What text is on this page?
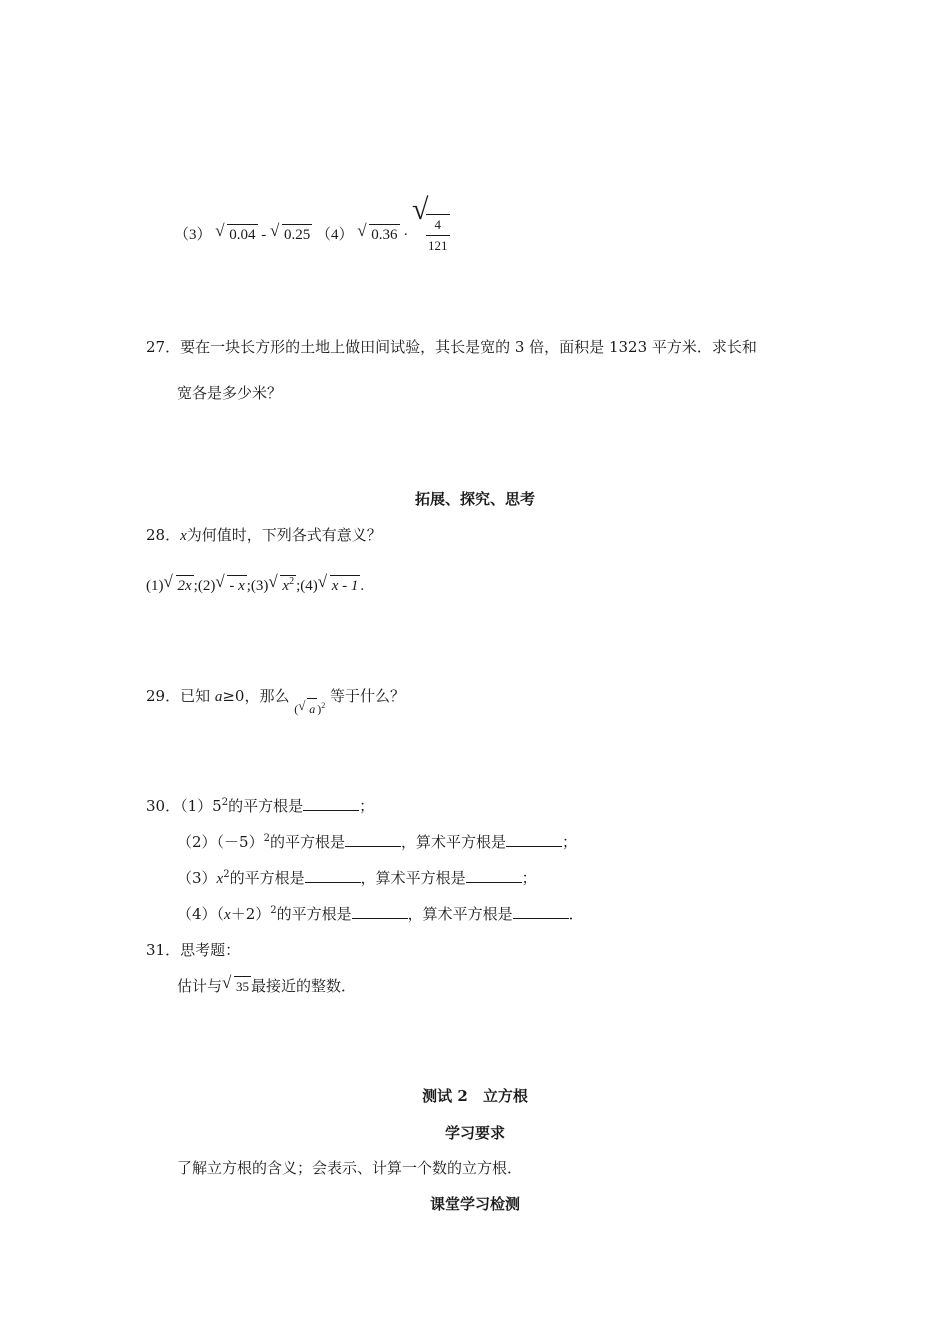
（3） √ 0.04 - √ 0.25 （4） √ 0.36 ·
√
$\frac{4}{121}$
27．要在一块长方形的土地上做田间试验，其长是宽的 3 倍，面积是 1323 平方米．求长和
宽各是多少米？
拓展、探究、思考
28．x为何值时，下列各式有意义？
(1) √ 2x ;(2) √ - x ;(3) √ $x^2$ ;(4) √ x - 1 .
29．已知 a≥0，那么 $_{( √ a )^2}$ 等于什么？
30．$(1)5^2$的平方根是	；
$(2)(-5)^2$的平方根是	，算术平方根是	；
$(3)x^2$的平方根是	，算术平方根是	；
$(4)(x+2)^2$的平方根是	，算术平方根是	．
31．思考题：
估计与 √ 35 最接近的整数．
测试 2　立方根
学习要求
了解立方根的含义；会表示、计算一个数的立方根．
课堂学习检测
